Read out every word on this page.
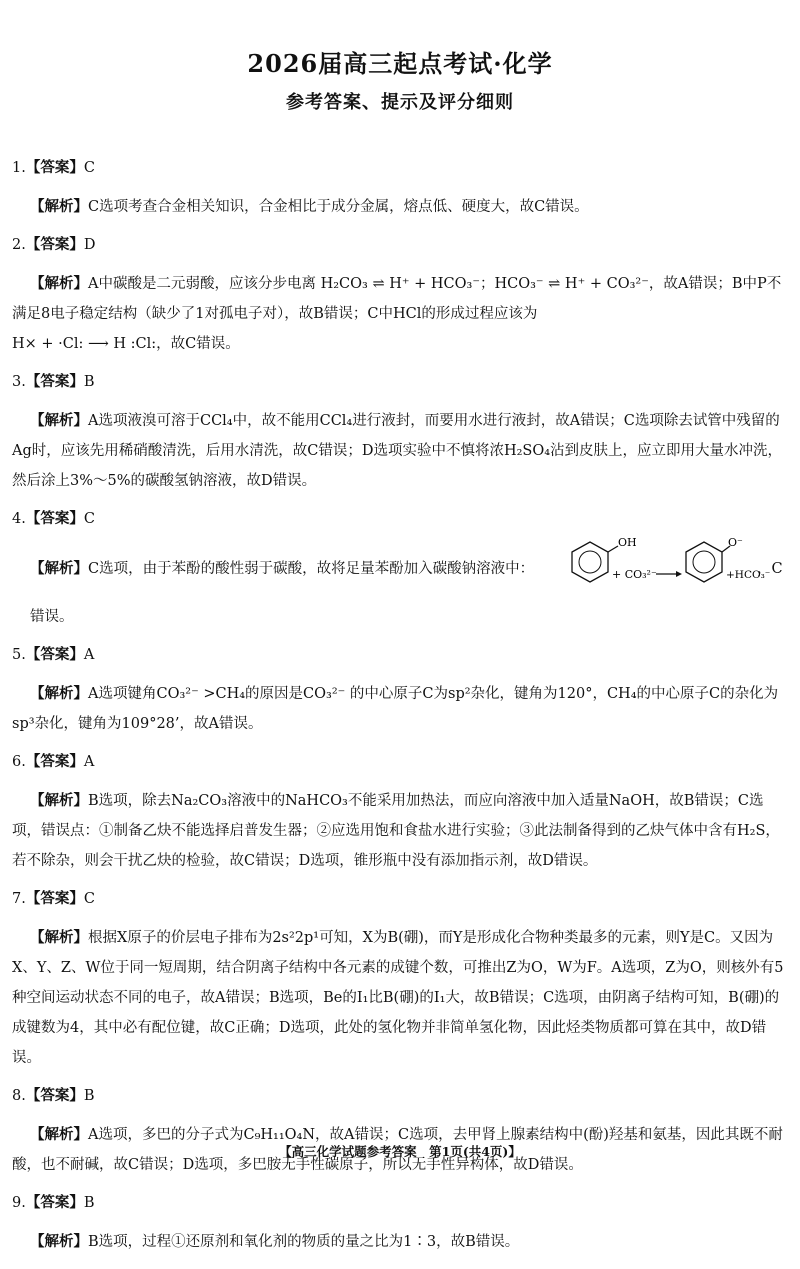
2026届高三起点考试·化学
参考答案、提示及评分细则
1.【答案】C
【解析】C选项考查合金相关知识，合金相比于成分金属，熔点低、硬度大，故C错误。
2.【答案】D
【解析】A中碳酸是二元弱酸，应该分步电离 H₂CO₃ ⇌ H⁺ + HCO₃⁻；HCO₃⁻ ⇌ H⁺ + CO₃²⁻，故A错误；B中P不满足8电子稳定结构（缺少了1对孤电子对），故B错误；C中HCl的形成过程应该为
H× + ·Cl: ⟶ H :Cl:，故C错误。
3.【答案】B
【解析】A选项液溴可溶于CCl₄中，故不能用CCl₄进行液封，而要用水进行液封，故A错误；C选项除去试管中残留的Ag时，应该先用稀硝酸清洗，后用水清洗，故C错误；D选项实验中不慎将浓H₂SO₄沾到皮肤上，应立即用大量水冲洗，然后涂上3%～5%的碳酸氢钠溶液，故D错误。
4.【答案】C
【解析】C选项，由于苯酚的酸性弱于碳酸，故将足量苯酚加入碳酸钠溶液中：
OH
+ CO₃²⁻
O⁻
+HCO₃⁻
，C
错误。
5.【答案】A
【解析】A选项键角CO₃²⁻ >CH₄的原因是CO₃²⁻ 的中心原子C为sp²杂化，键角为120°，CH₄的中心原子C的杂化为sp³杂化，键角为109°28’，故A错误。
6.【答案】A
【解析】B选项，除去Na₂CO₃溶液中的NaHCO₃不能采用加热法，而应向溶液中加入适量NaOH，故B错误；C选项，错误点：①制备乙炔不能选择启普发生器；②应选用饱和食盐水进行实验；③此法制备得到的乙炔气体中含有H₂S，若不除杂，则会干扰乙炔的检验，故C错误；D选项，锥形瓶中没有添加指示剂，故D错误。
7.【答案】C
【解析】根据X原子的价层电子排布为2s²2p¹可知，X为B(硼)，而Y是形成化合物种类最多的元素，则Y是C。又因为X、Y、Z、W位于同一短周期，结合阴离子结构中各元素的成键个数，可推出Z为O，W为F。A选项，Z为O，则核外有5种空间运动状态不同的电子，故A错误；B选项，Be的I₁比B(硼)的I₁大，故B错误；C选项，由阴离子结构可知，B(硼)的成键数为4，其中必有配位键，故C正确；D选项，此处的氢化物并非简单氢化物，因此烃类物质都可算在其中，故D错误。
8.【答案】B
【解析】A选项，多巴的分子式为C₉H₁₁O₄N，故A错误；C选项，去甲肾上腺素结构中(酚)羟基和氨基，因此其既不耐酸，也不耐碱，故C错误；D选项，多巴胺无手性碳原子，所以无手性异构体，故D错误。
9.【答案】B
【解析】B选项，过程①还原剂和氧化剂的物质的量之比为1∶3，故B错误。
【高三化学试题参考答案　第1页(共4页)】
